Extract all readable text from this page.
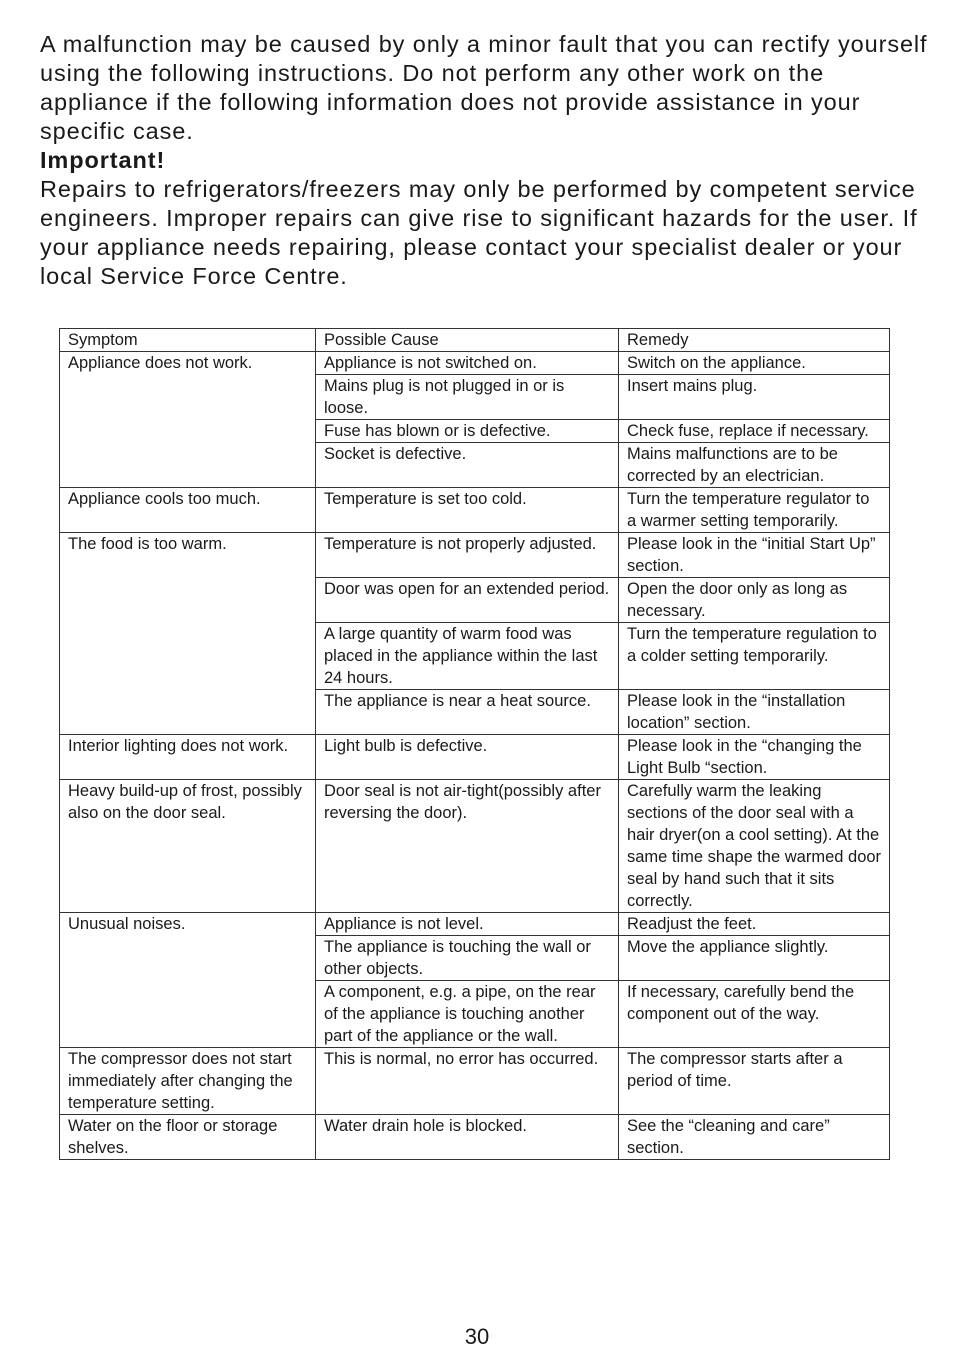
A malfunction may be caused by only a minor fault that you can rectify yourself using the following instructions. Do not perform any other work on the appliance if the following information does not provide assistance in your specific case.

Important!

Repairs to refrigerators/freezers may only be performed by competent service engineers. Improper repairs can give rise to significant hazards for the user. If your appliance needs repairing, please contact your specialist dealer or your local Service Force Centre.

Symptom	Possible Cause	Remedy
Appliance does not work.	Appliance is not switched on.	Switch on the appliance.
	Mains plug is not plugged in or is loose.	Insert mains plug.
	Fuse has blown or is defective.	Check fuse, replace if necessary.
	Socket is defective.	Mains malfunctions are to be corrected by an electrician.
Appliance cools too much.	Temperature is set too cold.	Turn the temperature regulator to a warmer setting temporarily.
The food is too warm.	Temperature is not properly adjusted.	Please look in the “initial Start Up” section.
	Door was open for an extended period.	Open the door only as long as necessary.
	A large quantity of warm food was placed in the appliance within the last 24 hours.	Turn the temperature regulation to a colder setting temporarily.
	The appliance is near a heat source.	Please look in the “installation location” section.
Interior lighting does not work.	Light bulb is defective.	Please look in the “changing the Light Bulb “section.
Heavy build-up of frost, possibly also on the door seal.	Door seal is not air-tight(possibly after reversing the door).	Carefully warm the leaking sections of the door seal with a hair dryer(on a cool setting). At the same time shape the warmed door seal by hand such that it sits correctly.
Unusual noises.	Appliance is not level.	Readjust the feet.
	The appliance is touching the wall or other objects.	Move the appliance slightly.
	A component, e.g. a pipe, on the rear of the appliance is touching another part of the appliance or the wall.	If necessary, carefully bend the component out of the way.
The compressor does not start immediately after changing the temperature setting.	This is normal, no error has occurred.	The compressor starts after a period of time.
Water on the floor or storage shelves.	Water drain hole is blocked.	See the “cleaning and care” section.
30
